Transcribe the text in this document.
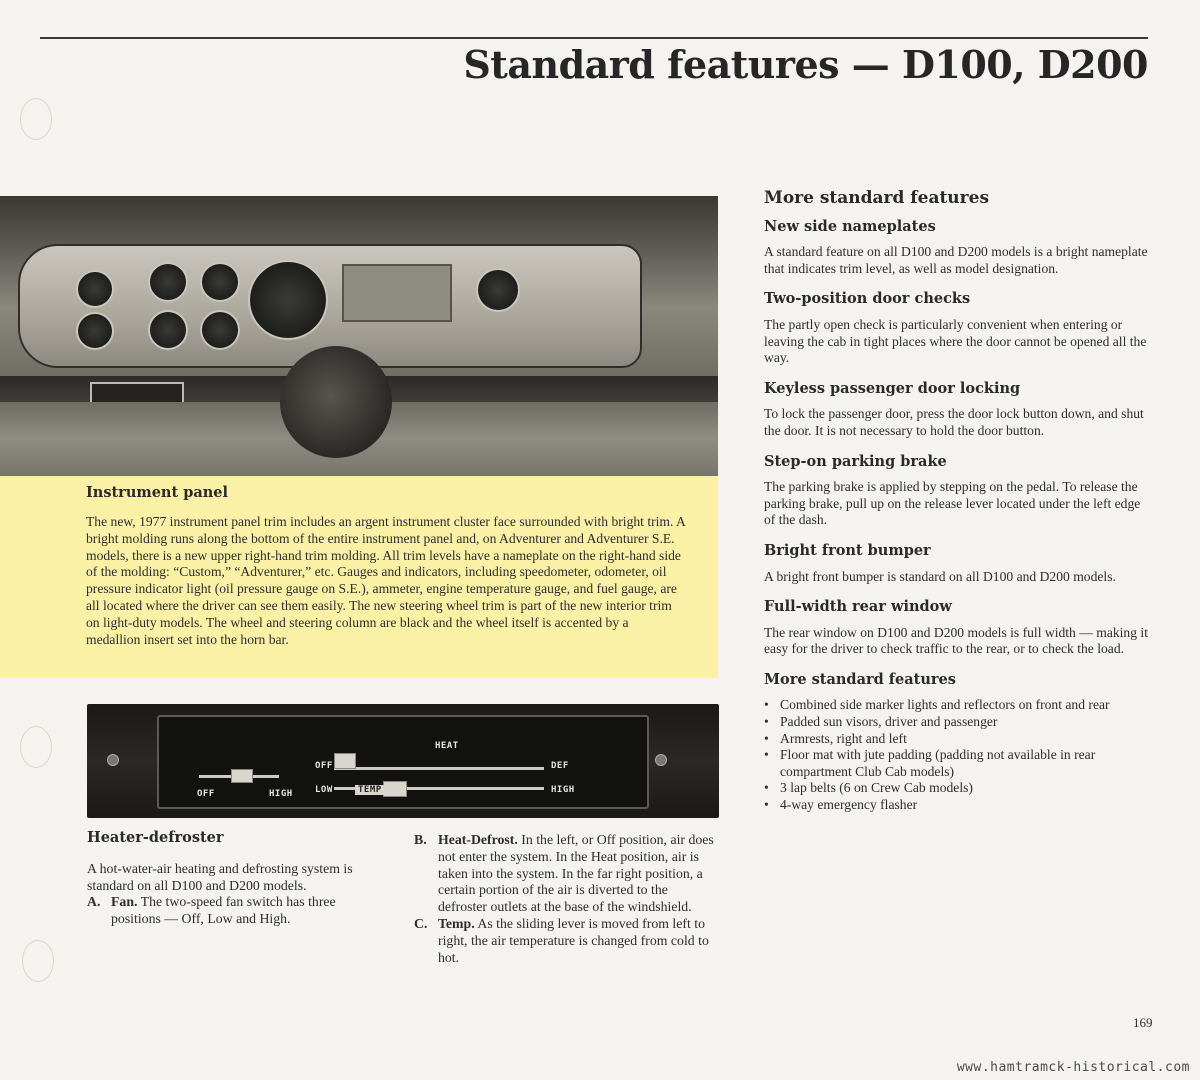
Standard features — D100, D200
Instrument panel

The new, 1977 instrument panel trim includes an argent instrument cluster face surrounded with bright trim. A bright molding runs along the bottom of the entire instrument panel and, on Adventurer and Adventurer S.E. models, there is a new upper right-hand trim molding. All trim levels have a nameplate on the right-hand side of the molding: “Custom,” “Adventurer,” etc. Gauges and indicators, including speedometer, odometer, oil pressure indicator light (oil pressure gauge on S.E.), ammeter, engine temperature gauge, and fuel gauge, are all located where the driver can see them easily. The new steering wheel trim is part of the new interior trim on light-duty models. The wheel and steering column are black and the wheel itself is accented by a medallion insert set into the horn bar.

OFF	HIGH
HEAT
OFF
LOW	TEMP
DEF
HIGH
Heater-defroster

A hot-water-air heating and defrosting system is standard on all D100 and D200 models.

A. Fan. The two-speed fan switch has three positions — Off, Low and High.
B. Heat-Defrost. In the left, or Off position, air does not enter the system. In the Heat position, air is taken into the system. In the far right position, a certain portion of the air is diverted to the defroster outlets at the base of the windshield.
C. Temp. As the sliding lever is moved from left to right, the air temperature is changed from cold to hot.
More standard features
New side nameplates

A standard feature on all D100 and D200 models is a bright nameplate that indicates trim level, as well as model designation.

Two-position door checks

The partly open check is particularly convenient when entering or leaving the cab in tight places where the door cannot be opened all the way.

Keyless passenger door locking

To lock the passenger door, press the door lock button down, and shut the door. It is not necessary to hold the door button.

Step-on parking brake

The parking brake is applied by stepping on the pedal. To release the parking brake, pull up on the release lever located under the left edge of the dash.

Bright front bumper

A bright front bumper is standard on all D100 and D200 models.

Full-width rear window

The rear window on D100 and D200 models is full width — making it easy for the driver to check traffic to the rear, or to check the load.

More standard features
• Combined side marker lights and reflectors on front and rear
• Padded sun visors, driver and passenger
• Armrests, right and left
• Floor mat with jute padding (padding not available in rear compartment Club Cab models)
• 3 lap belts (6 on Crew Cab models)
• 4-way emergency flasher
169
www.hamtramck-historical.com
